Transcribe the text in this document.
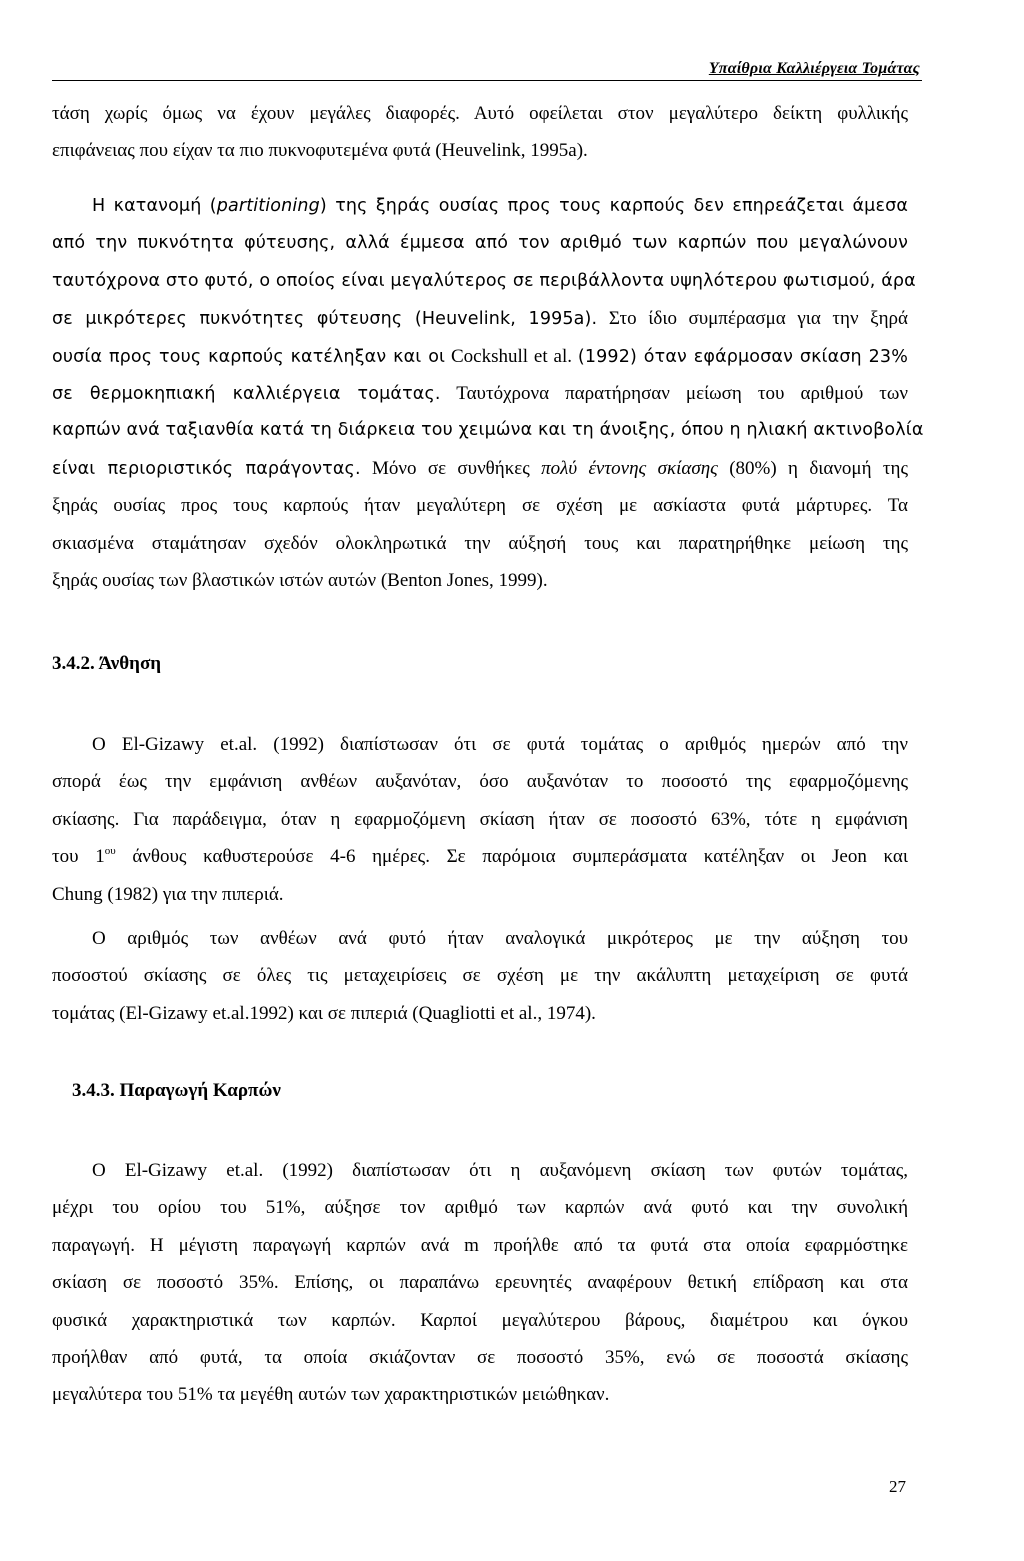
Υπαίθρια Καλλιέργεια Τομάτας
τάση χωρίς όμως να έχουν μεγάλες διαφορές. Αυτό οφείλεται στον μεγαλύτερο δείκτη φυλλικής
επιφάνειας που είχαν τα πιο πυκνοφυτεμένα φυτά (Heuvelink, 1995a).
Η κατανομή (partitioning) της ξηράς ουσίας προς τους καρπούς δεν επηρεάζεται άμεσα
από την πυκνότητα φύτευσης, αλλά έμμεσα από τον αριθμό των καρπών που μεγαλώνουν
ταυτόχρονα στο φυτό, ο οποίος είναι μεγαλύτερος σε περιβάλλοντα υψηλότερου φωτισμού, άρα
σε μικρότερες πυκνότητες φύτευσης (Heuvelink, 1995a). Στο ίδιο συμπέρασμα για την ξηρά
ουσία προς τους καρπούς κατέληξαν και οι Cockshull et al. (1992) όταν εφάρμοσαν σκίαση 23%
σε θερμοκηπιακή καλλιέργεια τομάτας. Ταυτόχρονα παρατήρησαν μείωση του αριθμού των
καρπών ανά ταξιανθία κατά τη διάρκεια του χειμώνα και τη άνοιξης, όπου η ηλιακή ακτινοβολία
είναι περιοριστικός παράγοντας. Μόνο σε συνθήκες πολύ έντονης σκίασης (80%) η διανομή της
ξηράς ουσίας προς τους καρπούς ήταν μεγαλύτερη σε σχέση με ασκίαστα φυτά μάρτυρες. Τα
σκιασμένα σταμάτησαν σχεδόν ολοκληρωτικά την αύξησή τους και παρατηρήθηκε μείωση της
ξηράς ουσίας των βλαστικών ιστών αυτών (Benton Jones, 1999).
3.4.2. Άνθηση
O El-Gizawy et.al. (1992) διαπίστωσαν ότι σε φυτά τομάτας ο αριθμός ημερών από την
σπορά έως την εμφάνιση ανθέων αυξανόταν, όσο αυξανόταν το ποσοστό της εφαρμοζόμενης
σκίασης. Για παράδειγμα, όταν η εφαρμοζόμενη σκίαση ήταν σε ποσοστό 63%, τότε η εμφάνιση
του $1^{o\upsilon}$ άνθους καθυστερούσε 4-6 ημέρες. Σε παρόμοια συμπεράσματα κατέληξαν οι Jeon και
Chung (1982) για την πιπεριά.
O αριθμός των ανθέων ανά φυτό ήταν αναλογικά μικρότερος με την αύξηση του
ποσοστού σκίασης σε όλες τις μεταχειρίσεις σε σχέση με την ακάλυπτη μεταχείριση σε φυτά
τομάτας (El-Gizawy et.al.1992) και σε πιπεριά (Quagliotti et al., 1974).
3.4.3. Παραγωγή Καρπών
O El-Gizawy et.al. (1992) διαπίστωσαν ότι η αυξανόμενη σκίαση των φυτών τομάτας,
μέχρι του ορίου του 51%, αύξησε τον αριθμό των καρπών ανά φυτό και την συνολική
παραγωγή. Η μέγιστη παραγωγή καρπών ανά m προήλθε από τα φυτά στα οποία εφαρμόστηκε
σκίαση σε ποσοστό 35%. Επίσης, οι παραπάνω ερευνητές αναφέρουν θετική επίδραση και στα
φυσικά χαρακτηριστικά των καρπών. Καρποί μεγαλύτερου βάρους, διαμέτρου και όγκου
προήλθαν από φυτά, τα οποία σκιάζονταν σε ποσοστό 35%, ενώ σε ποσοστά σκίασης
μεγαλύτερα του 51% τα μεγέθη αυτών των χαρακτηριστικών μειώθηκαν.
27
